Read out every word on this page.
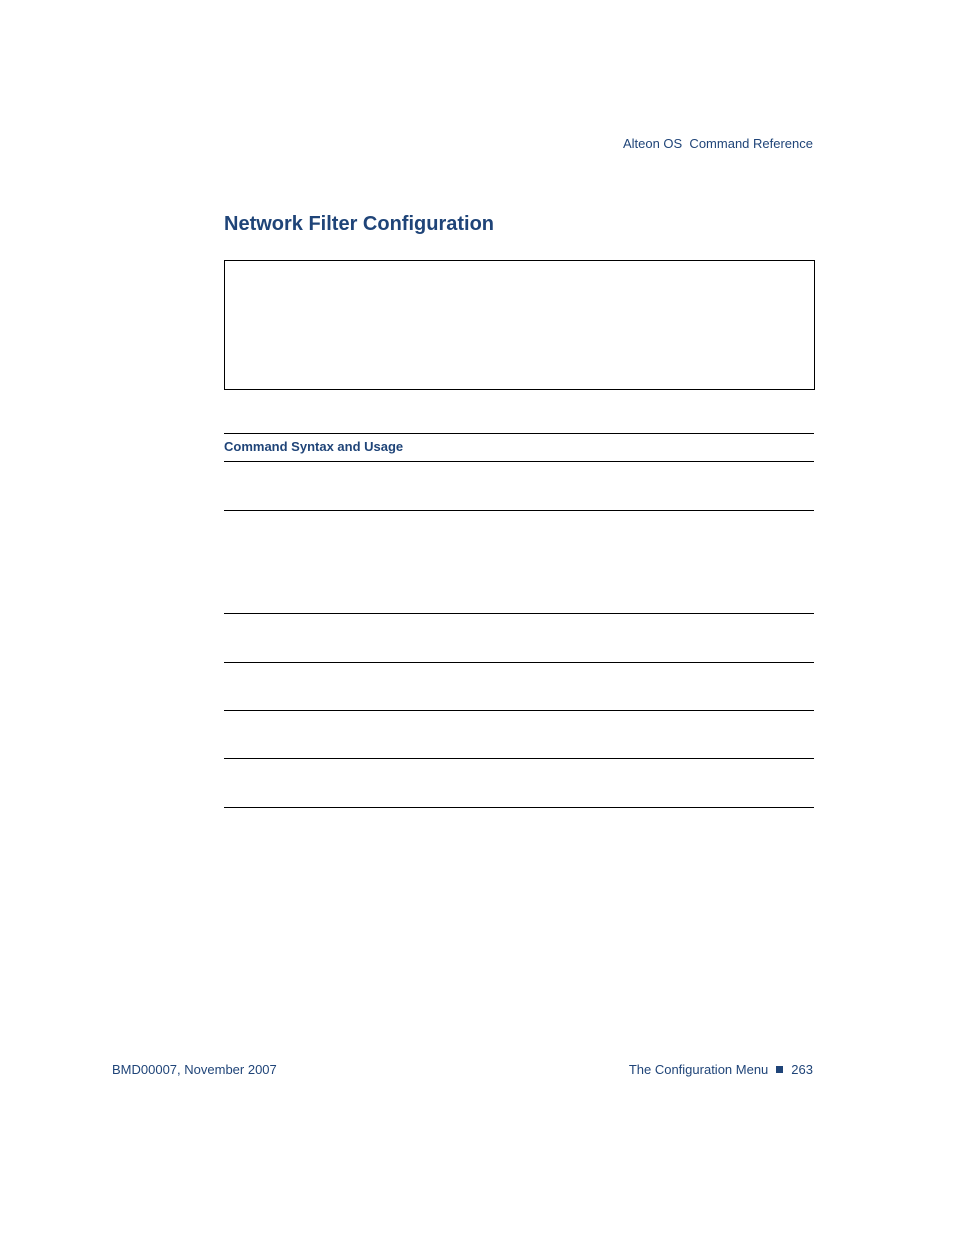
Alteon OS  Command Reference
Network Filter Configuration
Command Syntax and Usage
BMD00007, November 2007	The Configuration Menu 263
